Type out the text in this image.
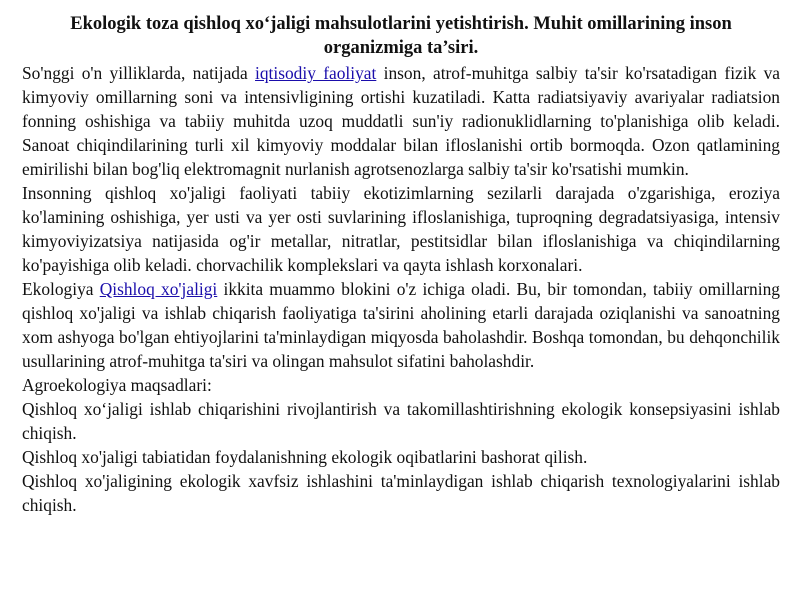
Ekologik toza qishloq xo‘jaligi mahsulotlarini yetishtirish. Muhit omillarining inson organizmiga ta’siri.

So'nggi o'n yilliklarda, natijada iqtisodiy faoliyat inson, atrof-muhitga salbiy ta'sir ko'rsatadigan fizik va kimyoviy omillarning soni va intensivligining ortishi kuzatiladi. Katta radiatsiyaviy avariyalar radiatsion fonning oshishiga va tabiiy muhitda uzoq muddatli sun'iy radionuklidlarning to'planishiga olib keladi. Sanoat chiqindilarining turli xil kimyoviy moddalar bilan ifloslanishi ortib bormoqda. Ozon qatlamining emirilishi bilan bog'liq elektromagnit nurlanish agrotsenozlarga salbiy ta'sir ko'rsatishi mumkin.

Insonning qishloq xo'jaligi faoliyati tabiiy ekotizimlarning sezilarli darajada o'zgarishiga, eroziya ko'lamining oshishiga, yer usti va yer osti suvlarining ifloslanishiga, tuproqning degradatsiyasiga, intensiv kimyoviyizatsiya natijasida og'ir metallar, nitratlar, pestitsidlar bilan ifloslanishiga va chiqindilarning ko'payishiga olib keladi. chorvachilik komplekslari va qayta ishlash korxonalari.

Ekologiya Qishloq xo'jaligi ikkita muammo blokini o'z ichiga oladi. Bu, bir tomondan, tabiiy omillarning qishloq xo'jaligi va ishlab chiqarish faoliyatiga ta'sirini aholining etarli darajada oziqlanishi va sanoatning xom ashyoga bo'lgan ehtiyojlarini ta'minlaydigan miqyosda baholashdir. Boshqa tomondan, bu dehqonchilik usullarining atrof-muhitga ta'siri va olingan mahsulot sifatini baholashdir.

Agroekologiya maqsadlari:

Qishloq xo‘jaligi ishlab chiqarishini rivojlantirish va takomillashtirishning ekologik konsepsiyasini ishlab chiqish.

Qishloq xo'jaligi tabiatidan foydalanishning ekologik oqibatlarini bashorat qilish.

Qishloq xo'jaligining ekologik xavfsiz ishlashini ta'minlaydigan ishlab chiqarish texnologiyalarini ishlab chiqish.
